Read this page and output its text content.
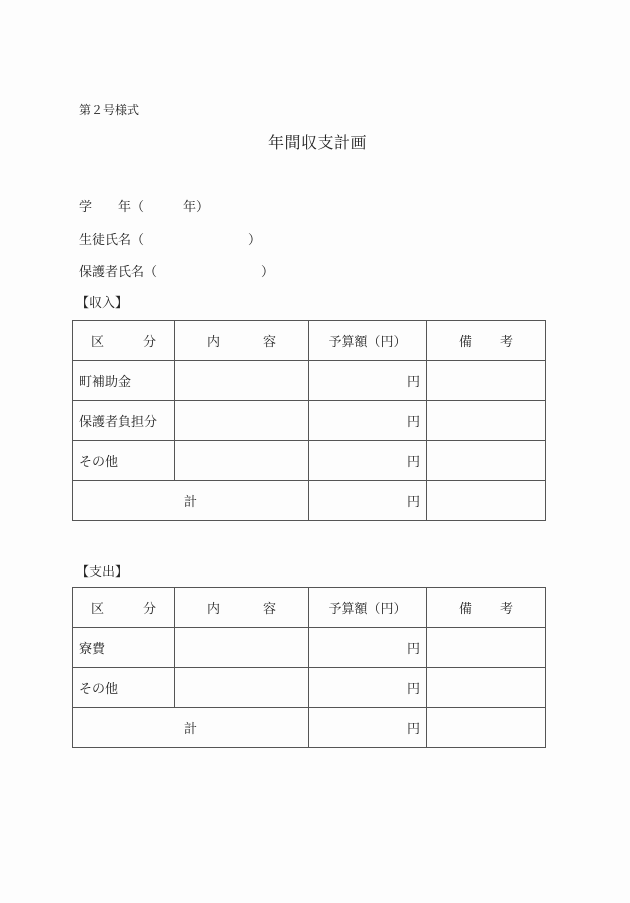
第２号様式
年間収支計画
学　　年（　　　年）
生徒氏名（　　　　　　　　）
保護者氏名（　　　　　　　　）
【収入】
区 分	内 容	予算額（円）	備 考

町補助金		円	
保護者負担分		円	
その他		円	
計		円	
【支出】
区 分	内 容	予算額（円）	備 考

寮費		円	
その他		円	
計		円	
